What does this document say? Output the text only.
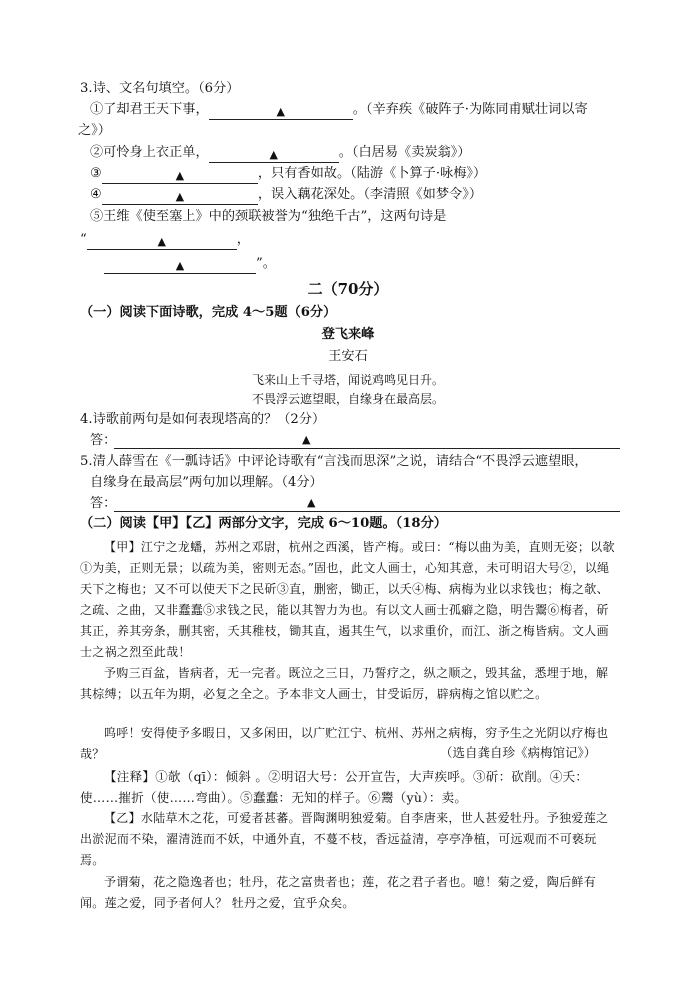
3.诗、文名句填空。（6分）
①了却君王天下事，	▲	。（辛弃疾《破阵子·为陈同甫赋壮词以寄
之》）
②可怜身上衣正单，	▲	。（白居易《卖炭翁》）
③	▲	，只有香如故。（陆游《卜算子·咏梅》）
④	▲	，误入藕花深处。（李清照《如梦令》）
⑤王维《使至塞上》中的颈联被誉为“独绝千古”，这两句诗是
“	▲	，
▲	”。
二（70分）
（一）阅读下面诗歌，完成 4～5题（6分）
登飞来峰
王安石
飞来山上千寻塔，闻说鸡鸣见日升。
不畏浮云遮望眼，自缘身在最高层。
4.诗歌前两句是如何表现塔高的？（2分）
答：	▲
5.清人薛雪在《一瓢诗话》中评论诗歌有“言浅而思深”之说，请结合“不畏浮云遮望眼，
自缘身在最高层”两句加以理解。（4分）
答：	▲
（二）阅读【甲】【乙】两部分文字，完成 6～10题。（18分）
【甲】江宁之龙蟠，苏州之邓尉，杭州之西溪，皆产梅。或曰：“梅以曲为美，直则无姿；以欹①为美，正则无景；以疏为美，密则无态。”固也，此文人画士，心知其意，未可明诏大号②，以绳天下之梅也；又不可以使天下之民斫③直，删密，锄正，以夭④梅、病梅为业以求钱也；梅之欹、之疏、之曲，又非蠢蠢⑤求钱之民，能以其智力为也。有以文人画士孤癖之隐，明告鬻⑥梅者，斫其正，养其旁条，删其密，夭其稚枝，锄其直，遏其生气，以求重价，而江、浙之梅皆病。文人画士之祸之烈至此哉！
予购三百盆，皆病者，无一完者。既泣之三日，乃誓疗之，纵之顺之，毁其盆，悉埋于地，解其棕缚；以五年为期，必复之全之。予本非文人画士，甘受诟厉，辟病梅之馆以贮之。
呜呼！安得使予多暇日，又多闲田，以广贮江宁、杭州、苏州之病梅，穷予生之光阴以疗梅也哉？	（选自龚自珍《病梅馆记》）
【注释】①欹（qī）：倾斜 。②明诏大号：公开宣告，大声疾呼。③斫：砍削。④夭：使……摧折（使……弯曲）。⑤蠢蠢：无知的样子。⑥鬻（yù）：卖。
【乙】水陆草木之花，可爱者甚蕃。晋陶渊明独爱菊。自李唐来，世人甚爱牡丹。予独爱莲之出淤泥而不染，濯清涟而不妖，中通外直，不蔓不枝，香远益清，亭亭净植，可远观而不可亵玩焉。
予谓菊，花之隐逸者也；牡丹，花之富贵者也；莲，花之君子者也。噫！菊之爱，陶后鲜有闻。莲之爱，同予者何人？ 牡丹之爱，宜乎众矣。
